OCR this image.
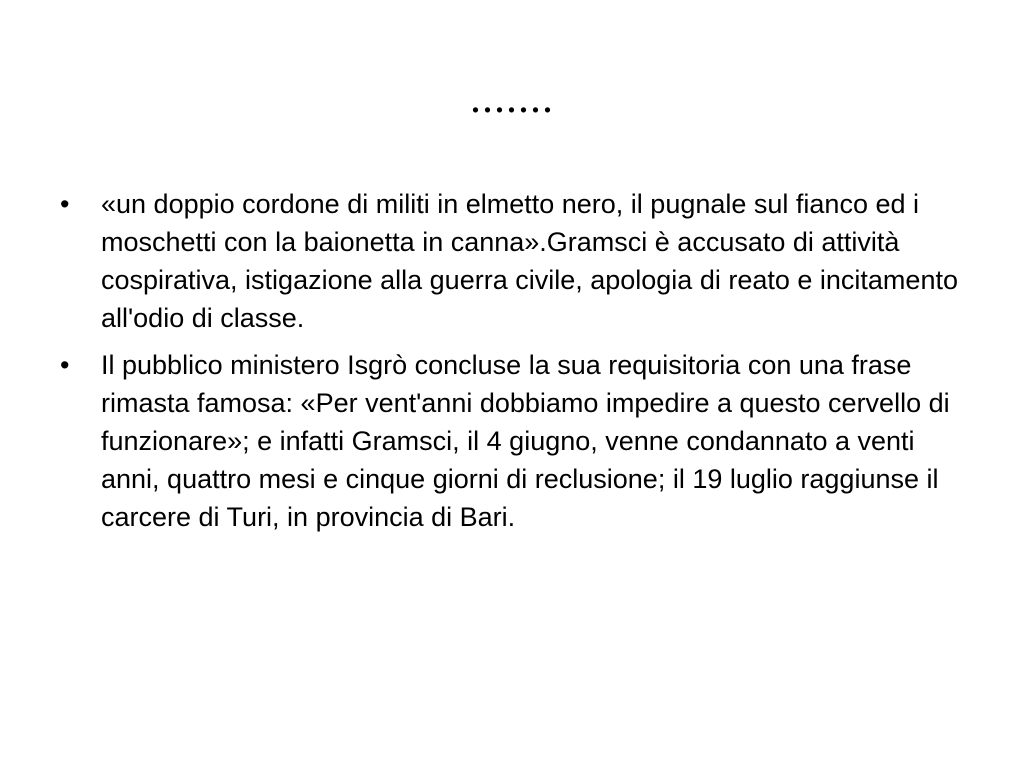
.......
•	«un doppio cordone di militi in elmetto nero, il pugnale sul fianco ed i moschetti con la baionetta in canna».Gramsci è accusato di attività cospirativa, istigazione alla guerra civile, apologia di reato e incitamento all'odio di classe.
•	Il pubblico ministero Isgrò concluse la sua requisitoria con una frase rimasta famosa: «Per vent'anni dobbiamo impedire a questo cervello di funzionare»; e infatti Gramsci, il 4 giugno, venne condannato a venti anni, quattro mesi e cinque giorni di reclusione; il 19 luglio raggiunse il carcere di Turi, in provincia di Bari.
